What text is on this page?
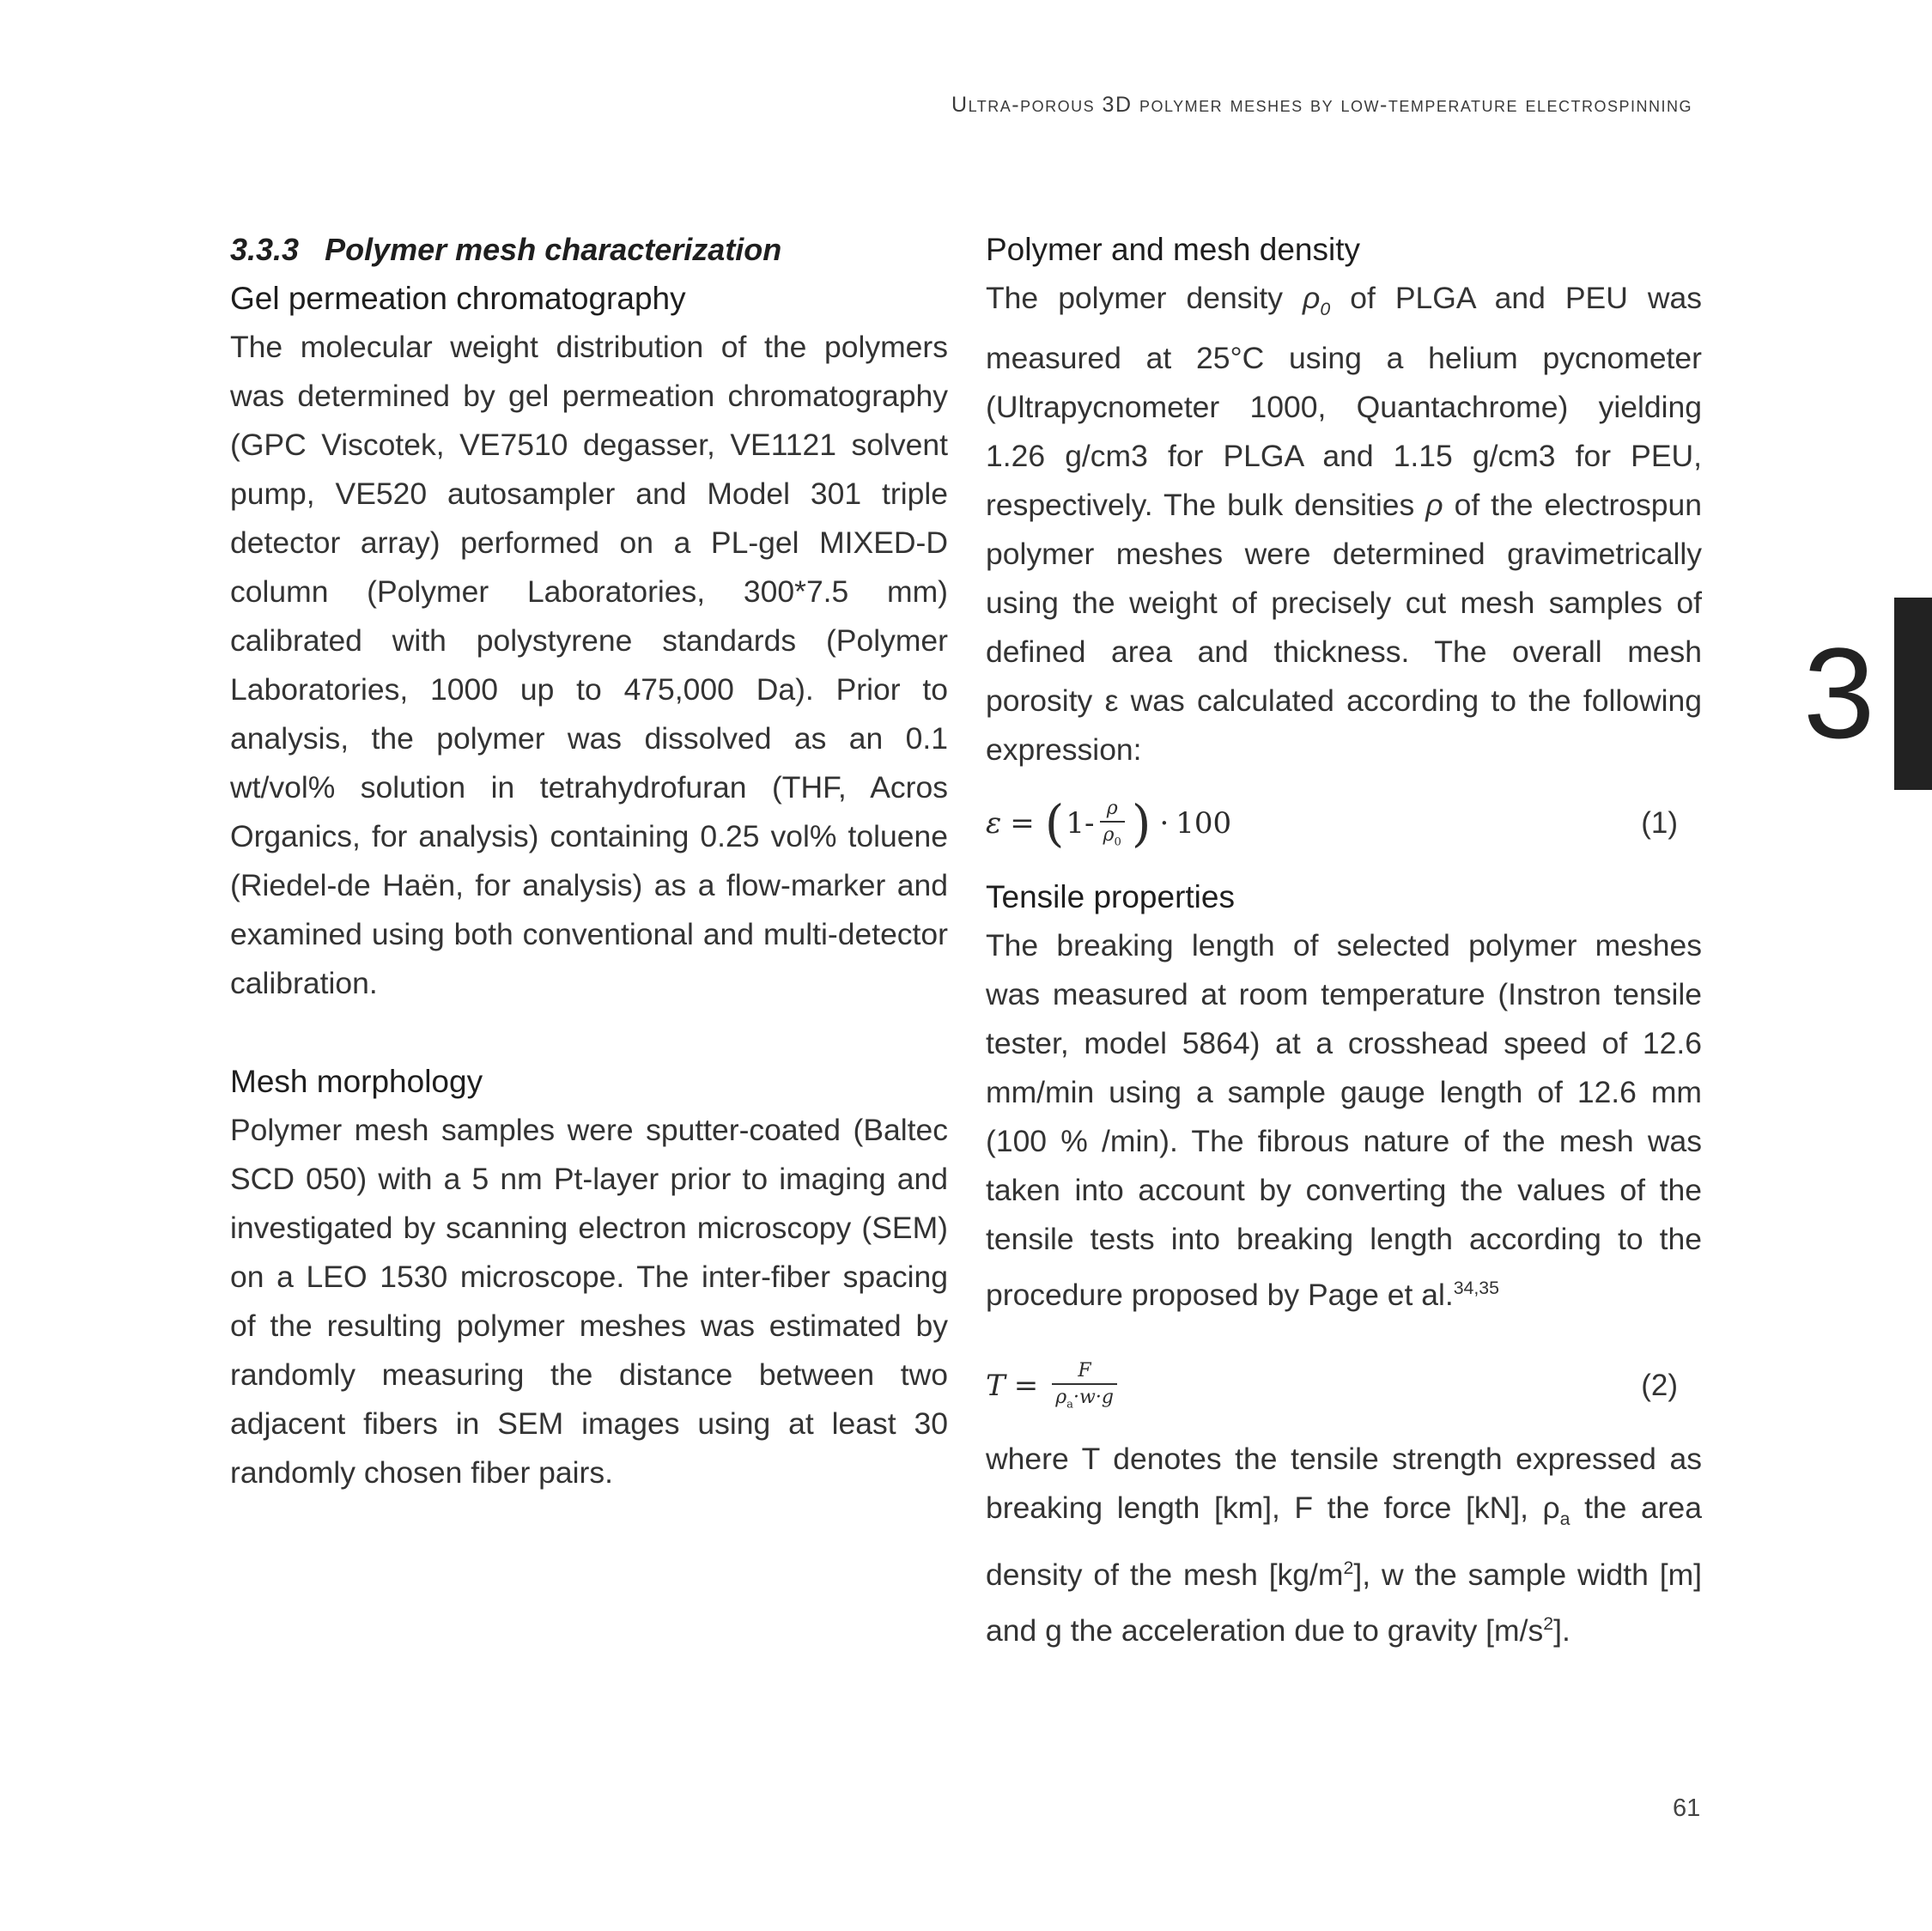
Ultra-porous 3D polymer meshes by low-temperature electrospinning
3.3.3 Polymer mesh characterization
Gel permeation chromatography

The molecular weight distribution of the polymers was determined by gel permeation chromatography (GPC Viscotek, VE7510 degasser, VE1121 solvent pump, VE520 autosampler and Model 301 triple detector array) performed on a PL-gel MIXED-D column (Polymer Laboratories, 300*7.5 mm) calibrated with polystyrene standards (Polymer Laboratories, 1000 up to 475,000 Da). Prior to analysis, the polymer was dissolved as an 0.1 wt/vol% solution in tetrahydrofuran (THF, Acros Organics, for analysis) containing 0.25 vol% toluene (Riedel-de Haën, for analysis) as a flow-marker and examined using both conventional and multi-detector calibration.

Mesh morphology

Polymer mesh samples were sputter-coated (Baltec SCD 050) with a 5 nm Pt-layer prior to imaging and investigated by scanning electron microscopy (SEM) on a LEO 1530 microscope. The inter-fiber spacing of the resulting polymer meshes was estimated by randomly measuring the distance between two adjacent fibers in SEM images using at least 30 randomly chosen fiber pairs.

Polymer and mesh density

The polymer density $\rho_0$ of PLGA and PEU was measured at 25°C using a helium pycnometer (Ultrapycnometer 1000, Quantachrome) yielding 1.26 g/cm3 for PLGA and 1.15 g/cm3 for PEU, respectively. The bulk densities ρ of the electrospun polymer meshes were determined gravimetrically using the weight of precisely cut mesh samples of defined area and thickness. The overall mesh porosity ε was calculated according to the following expression:

ε = ( $1- \frac{\rho}{\rho_0}$ ) · 100	(1)
Tensile properties

The breaking length of selected polymer meshes was measured at room temperature (Instron tensile tester, model 5864) at a crosshead speed of 12.6 mm/min using a sample gauge length of 12.6 mm (100 % /min). The fibrous nature of the mesh was taken into account by converting the values of the tensile tests into breaking length according to the procedure proposed by Page et al.$^{34,35}$

$T = \frac{F}{\rho_a\cdot w\cdot g}$	(2)

where T denotes the tensile strength expressed as breaking length [km], F the force [kN], $\rho_a$ the area density of the mesh $[kg/m^2]$, w the sample width [m] and g the acceleration due to gravity $[m/s^2]$.

3
61
